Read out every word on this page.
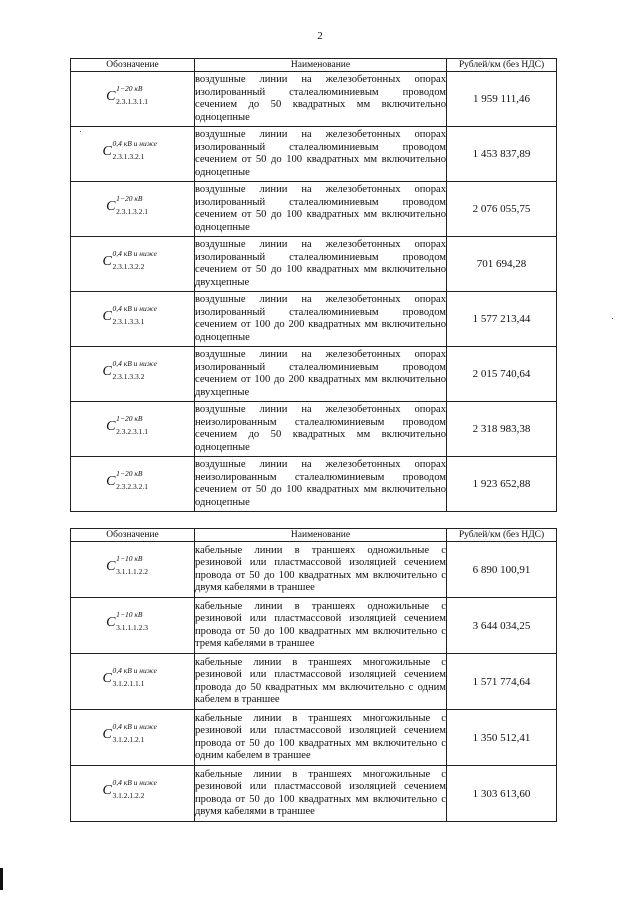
2
Обозначение	Наименование	Рублей/км (без НДС)

C
1−20 кВ
2.3.1.3.1.1	воздушные линии на железобетонных опорах изолированный сталеалюминиевым проводом сечением до 50 квадратных мм включительно одноцепные	1 959 111,46

C
0,4 кВ и ниже
2.3.1.3.2.1	воздушные линии на железобетонных опорах изолированный сталеалюминиевым проводом сечением от 50 до 100 квадратных мм включительно одноцепные	1 453 837,89

C
1−20 кВ
2.3.1.3.2.1	воздушные линии на железобетонных опорах изолированный сталеалюминиевым проводом сечением от 50 до 100 квадратных мм включительно одноцепные	2 076 055,75

C
0,4 кВ и ниже
2.3.1.3.2.2	воздушные линии на железобетонных опорах изолированный сталеалюминиевым проводом сечением от 50 до 100 квадратных мм включительно двухцепные	701 694,28

C
0,4 кВ и ниже
2.3.1.3.3.1	воздушные линии на железобетонных опорах изолированный сталеалюминиевым проводом сечением от 100 до 200 квадратных мм включительно одноцепные	1 577 213,44

C
0,4 кВ и ниже
2.3.1.3.3.2	воздушные линии на железобетонных опорах изолированный сталеалюминиевым проводом сечением от 100 до 200 квадратных мм включительно двухцепные	2 015 740,64

C
1−20 кВ
2.3.2.3.1.1	воздушные линии на железобетонных опорах неизолированным сталеалюминиевым проводом сечением до 50 квадратных мм включительно одноцепные	2 318 983,38

C
1−20 кВ
2.3.2.3.2.1	воздушные линии на железобетонных опорах неизолированным сталеалюминиевым проводом сечением от 50 до 100 квадратных мм включительно одноцепные	1 923 652,88
Обозначение	Наименование	Рублей/км (без НДС)

C
1−10 кВ
3.1.1.1.2.2	кабельные линии в траншеях одножильные с резиновой или пластмассовой изоляцией сечением провода от 50 до 100 квадратных мм включительно с двумя кабелями в траншее	6 890 100,91

C
1−10 кВ
3.1.1.1.2.3	кабельные линии в траншеях одножильные с резиновой или пластмассовой изоляцией сечением провода от 50 до 100 квадратных мм включительно с тремя кабелями в траншее	3 644 034,25

C
0,4 кВ и ниже
3.1.2.1.1.1	кабельные линии в траншеях многожильные с резиновой или пластмассовой изоляцией сечением провода до 50 квадратных мм включительно с одним кабелем в траншее	1 571 774,64

C
0,4 кВ и ниже
3.1.2.1.2.1	кабельные линии в траншеях многожильные с резиновой или пластмассовой изоляцией сечением провода от 50 до 100 квадратных мм включительно с одним кабелем в траншее	1 350 512,41

C
0,4 кВ и ниже
3.1.2.1.2.2	кабельные линии в траншеях многожильные с резиновой или пластмассовой изоляцией сечением провода от 50 до 100 квадратных мм включительно с двумя кабелями в траншее	1 303 613,60
